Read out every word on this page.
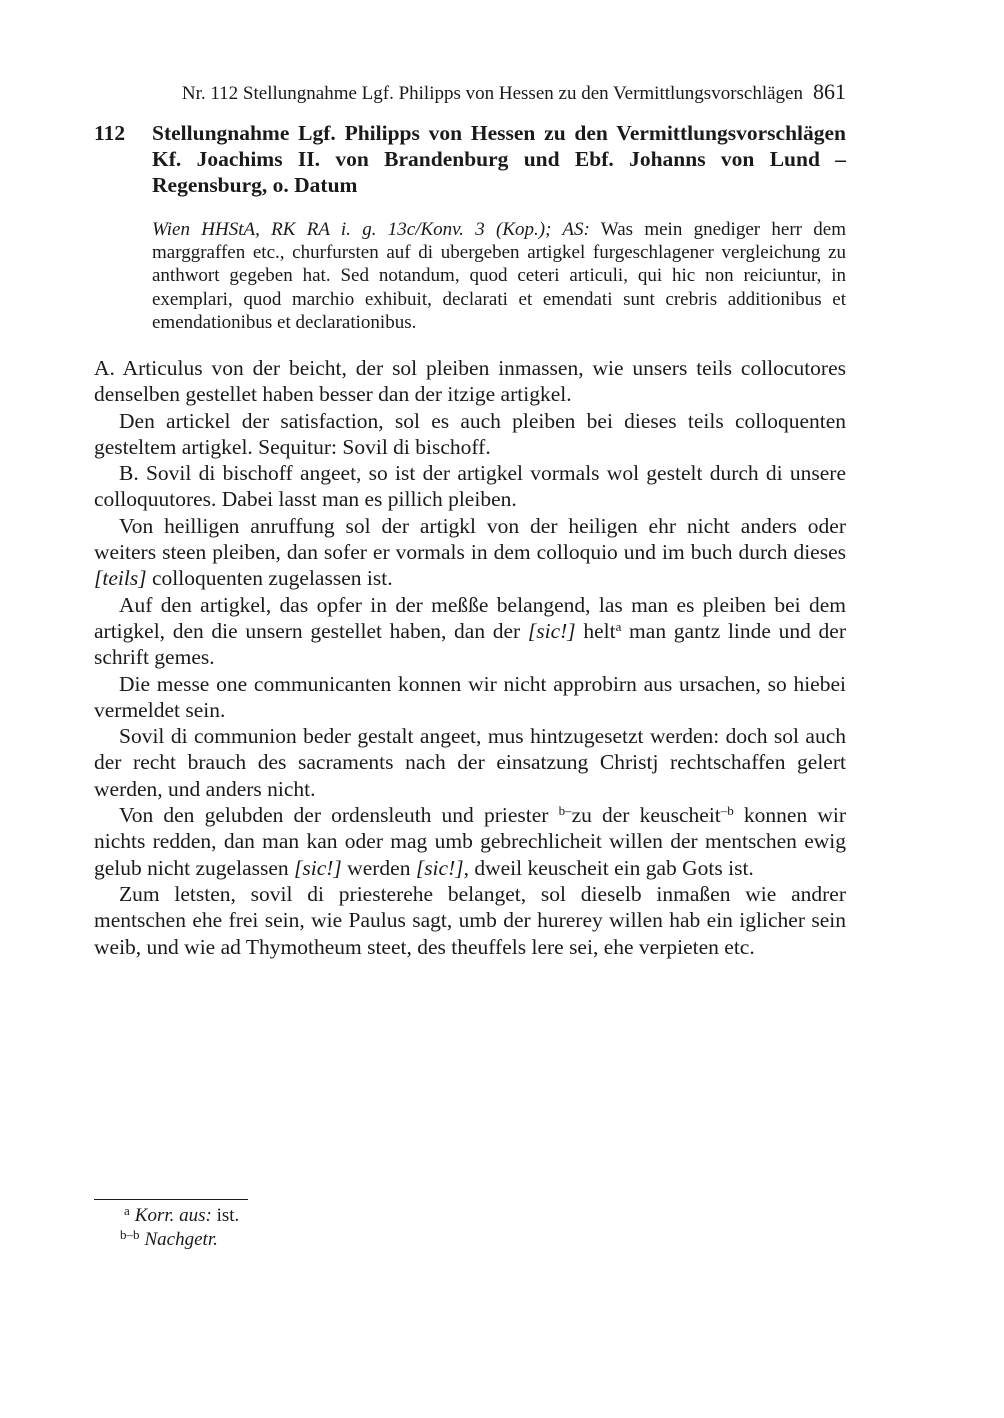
Nr. 112 Stellungnahme Lgf. Philipps von Hessen zu den Vermittlungsvorschlägen 861
112 Stellungnahme Lgf. Philipps von Hessen zu den Vermittlungsvorschlägen Kf. Joachims II. von Brandenburg und Ebf. Johanns von Lund – Regensburg, o. Datum
Wien HHStA, RK RA i. g. 13c/Konv. 3 (Kop.); AS: Was mein gnediger herr dem marggraffen etc., churfursten auf di ubergeben artigkel furgeschlagener vergleichung zu anthwort gegeben hat. Sed notandum, quod ceteri articuli, qui hic non reiciuntur, in exemplari, quod marchio exhibuit, declarati et emendati sunt crebris additionibus et emendationibus et declarationibus.

A. Articulus von der beicht, der sol pleiben inmassen, wie unsers teils collocutores denselben gestellet haben besser dan der itzige artigkel.

Den artickel der satisfaction, sol es auch pleiben bei dieses teils colloquenten gesteltem artigkel. Sequitur: Sovil di bischoff.

B. Sovil di bischoff angeet, so ist der artigkel vormals wol gestelt durch di unsere colloquutores. Dabei lasst man es pillich pleiben.

Von heilligen anruffung sol der artigkl von der heiligen ehr nicht anders oder weiters steen pleiben, dan sofer er vormals in dem colloquio und im buch durch dieses [teils] colloquenten zugelassen ist.

Auf den artigkel, das opfer in der meßße belangend, las man es pleiben bei dem artigkel, den die unsern gestellet haben, dan der [sic!] helt$^a$ man gantz linde und der schrift gemes.

Die messe one communicanten konnen wir nicht approbirn aus ursachen, so hiebei vermeldet sein.

Sovil di communion beder gestalt angeet, mus hintzugesetzt werden: doch sol auch der recht brauch des sacraments nach der einsatzung Christj rechtschaffen gelert werden, und anders nicht.

Von den gelubden der ordensleuth und priester $^{b-}$zu der keuscheit$^{-b}$ konnen wir nichts redden, dan man kan oder mag umb gebrechlicheit willen der mentschen ewig gelub nicht zugelassen [sic!] werden [sic!], dweil keuscheit ein gab Gots ist.

Zum letsten, sovil di priesterehe belanget, sol dieselb inmaßen wie andrer mentschen ehe frei sein, wie Paulus sagt, umb der hurerey willen hab ein iglicher sein weib, und wie ad Thymotheum steet, des theuffels lere sei, ehe verpieten etc.

$^a$ Korr. aus: ist.
$^{b-b}$ Nachgetr.
